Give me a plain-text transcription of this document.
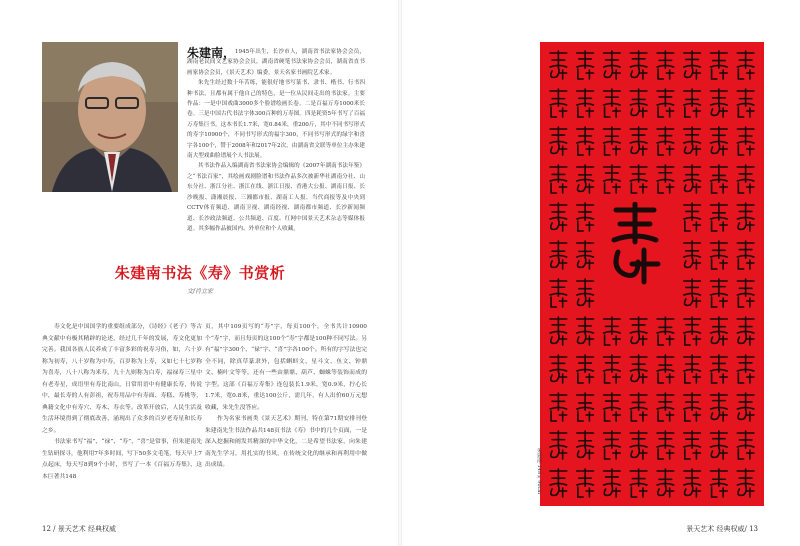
朱建南， 1945年出生，长沙市人，湖南省书法家协会会员，湖南老民间文艺家协会会员，湖南省硬笔书法家协会会员，湖南省直书画家协会会员，《景天艺术》编委，景天名家书画院艺术家。

朱先生经过数十年苦练，能很好地书写篆书、隶书、楷书、行书四种书法，且都有属于他自己的特色，是一位从民间走出的书法家。主要作品：一是中国戏曲3000多个脸谱绘画长卷。二是百福万寿1000米长卷。三是中国古代书法字体300百种的万寿图。四是耗资5年书写了百福万寿集巨书。这本书长1.7米，宽0.84米，重200斤，其中不同书写形式的寿字10900个，不同书写形式的福字300，不同书写形式的绿字和喜字各100个，赞于2008年和2017年2次，由湖南省文联等单位主办朱建南大型戏曲脸谱展个人书法展。

其书法作品入编湖南省书法家协会编辑的《2007年湖南书法年鉴》之“书法百家”，其绘画戏剧脸谱和书法作品多次被新华社湖南分社、山东分社、浙江分社、浙江在线、浙江日报、香港大公报、湖南日报、长沙晚报、潇湘晨报、三湘都市报、湖南工人报、当代商报等及中央到CCTV体育频道、湖南卫视、湖南经视、湖南都市频道、长沙新闻频道、长沙政法频道、公共频道、百度、红网中国景天艺术杂志等媒体报道。其多幅作品被国内、外单位和个人收藏。

朱建南书法《寿》书赏析
文/肖立宏

寿文化是中国国学的重要组成部分，《诗经》《老子》等古典文献中有极其精辟的论述，经过几千年的发展，寿文化更加完善。我国各族人民养成了丰富多彩的祝寿习俗，如，六十岁称为初寿，八十岁称为中寿，百岁称为上寿，又如七十七岁称为喜寿，八十八称为米寿，九十九则称为白寿，福禄寿三星中有老寿星，成语里有寿比南山，日常用语中有健康长寿，传说中，最长寿的人有彭祖，祝寿用品中有寿面、寿糕、寿桃等，典籍文化中有寿穴、寿木、寿衣等。改革开放后，人民生活及生活环境得到了彻底改善，涌现出了众多的百岁老寿星和长寿之乡。

书法家书写“福”、“禄”、“寿”、“喜”是常事，但朱建南先生钻研探寻，他利用7年多时间，写下50多文毛笔，每天早上7点起床，每天写8到9个小时，书写了一本《百福万寿集》，这本巨著共148

页，其中109页写的“寿”字，每页100个，全书共计10900个“寿”字，而且每页的这100个“寿”字都是100种不同写法。另有“福”字300个、“禄”字、“喜”字各100个。所有的字写法也完全不同，除真草篆隶外，包括蝌蚪文、星斗文、鱼文、钟鼎文、楠叶文等等，还有一些由鼎鼎、葫芦、蜘蛛等装饰而成的字型。这部《百福万寿集》连包装长1.9米，宽0.9米，拧心长1.7米，宽0.8米，重达100公斤，需几年，有人出价60万元想收藏，朱先生没答应。

作为名家书画类《景天艺术》期刊，特在第71期安排刊登朱建南先生书法作品共148页书法《寿》书中的几个页面，一是深入挖掘和阐发其精深的中华文化，二是希望书法家，向朱建南先生学习，用扎实的书风，在传统文化的继承和再利用中做出成绩。

12 / 景天艺术 经典权威	景天艺术 经典权威/ 13
朱建南·148×96cm
